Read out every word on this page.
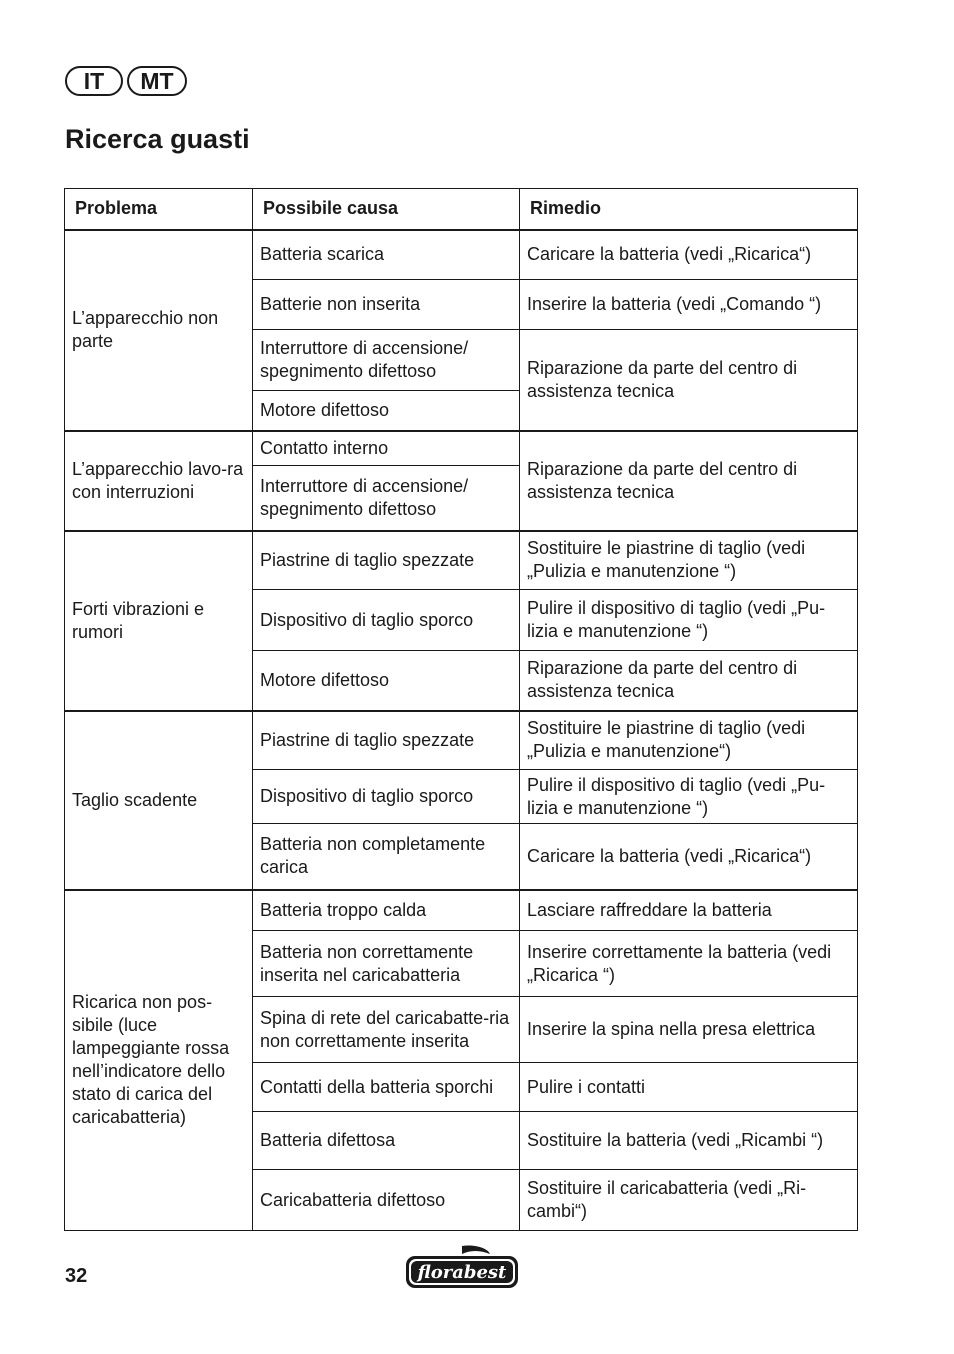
IT	MT
Ricerca guasti
Problema	Possibile causa	Rimedio
L’apparecchio non parte	Batteria scarica	Caricare la batteria (vedi „Ricarica“)
	Batterie non inserita	Inserire la batteria (vedi „Comando “)
	Interruttore di accensione/ spegnimento difettoso	Riparazione da parte del centro di assistenza tecnica
	Motore difettoso	
L’apparecchio lavo-ra con interruzioni	Contatto interno	Riparazione da parte del centro di assistenza tecnica
	Interruttore di accensione/ spegnimento difettoso	
Forti vibrazioni e rumori	Piastrine di taglio spezzate	Sostituire le piastrine di taglio (vedi „Pulizia e manutenzione “)
	Dispositivo di taglio sporco	Pulire il dispositivo di taglio (vedi „Pu-lizia e manutenzione “)
	Motore difettoso	Riparazione da parte del centro di assistenza tecnica
Taglio scadente	Piastrine di taglio spezzate	Sostituire le piastrine di taglio (vedi „Pulizia e manutenzione“)
	Dispositivo di taglio sporco	Pulire il dispositivo di taglio (vedi „Pu-lizia e manutenzione “)
	Batteria non completamente carica	Caricare la batteria (vedi „Ricarica“)
Ricarica non pos-sibile (luce lampeggiante rossa nell’indicatore dello stato di carica del caricabatteria)	Batteria troppo calda	Lasciare raffreddare la batteria
	Batteria non correttamente inserita nel caricabatteria	Inserire correttamente la batteria (vedi „Ricarica “)
	Spina di rete del caricabatte-ria non correttamente inserita	Inserire la spina nella presa elettrica
	Contatti della batteria sporchi	Pulire i contatti
	Batteria difettosa	Sostituire la batteria (vedi „Ricambi “)
	Caricabatteria difettoso	Sostituire il caricabatteria (vedi „Ri-cambi“)
32	florabest
